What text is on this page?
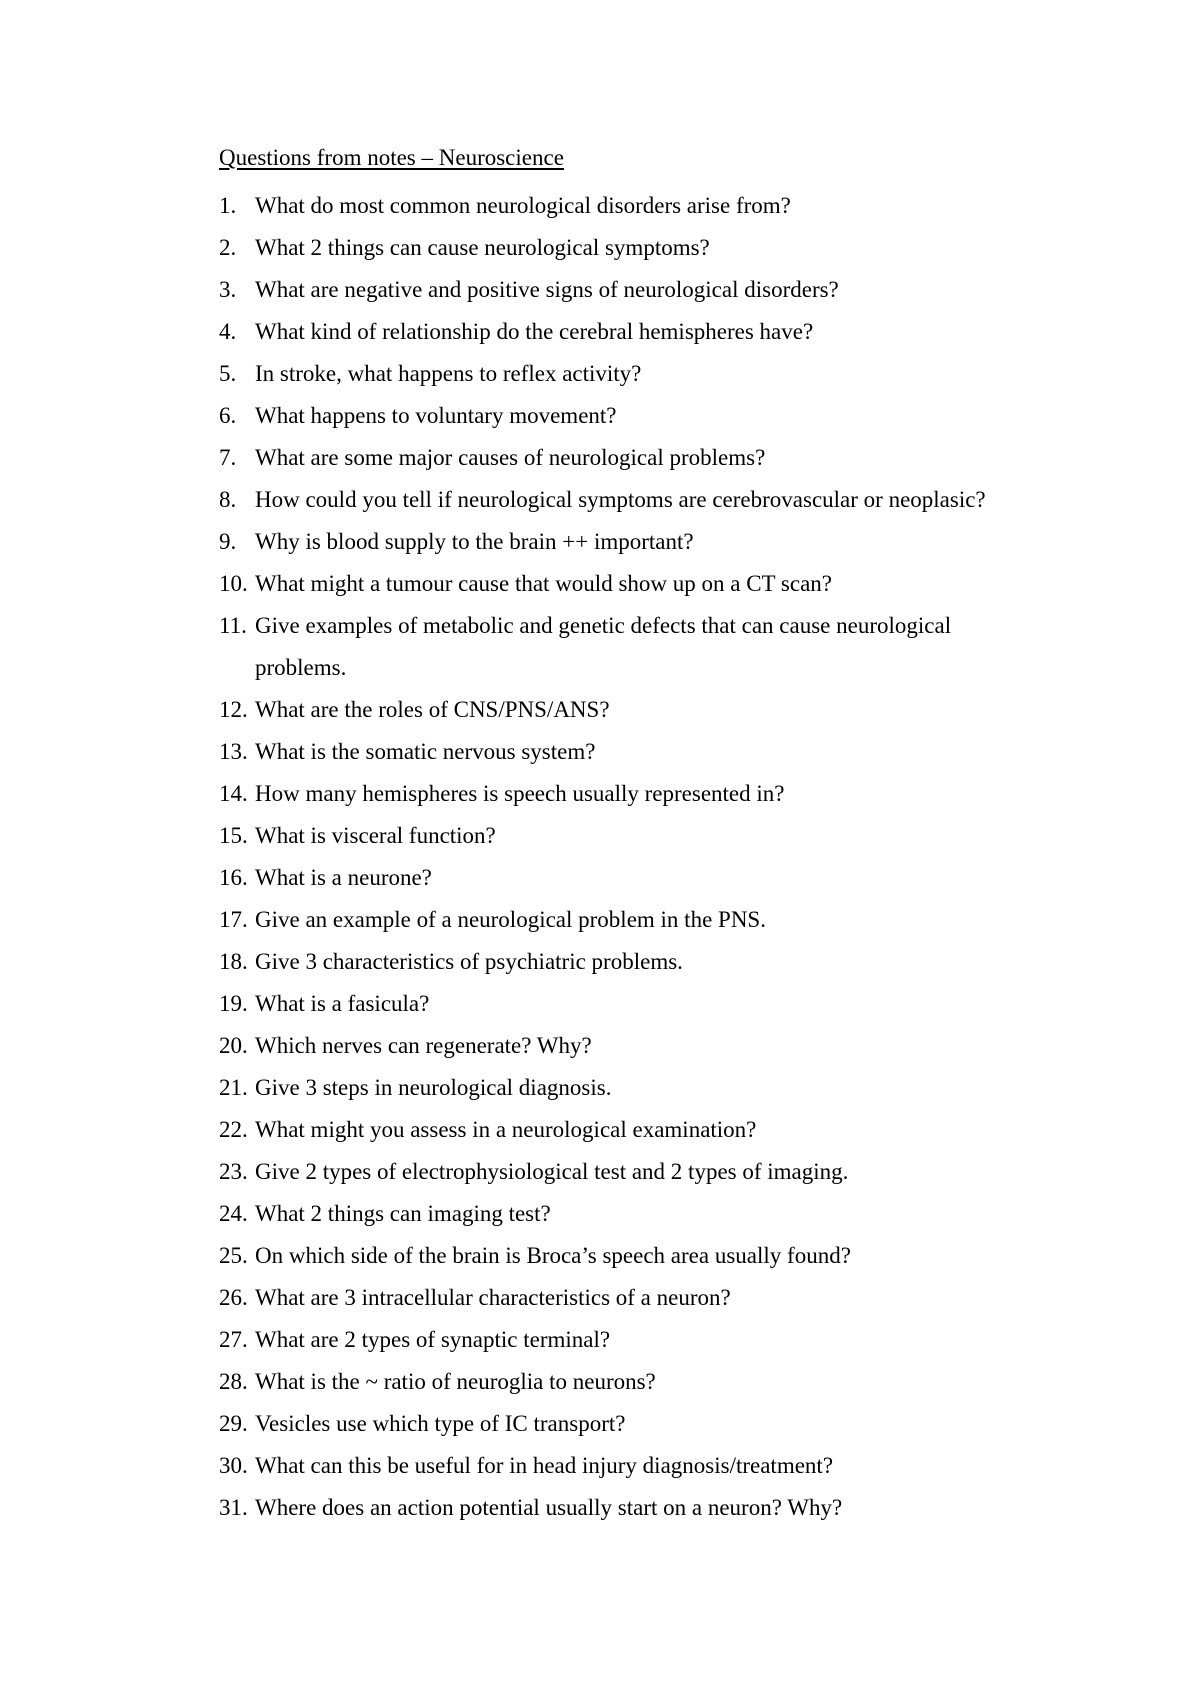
Questions from notes – Neuroscience
1. What do most common neurological disorders arise from?
2. What 2 things can cause neurological symptoms?
3. What are negative and positive signs of neurological disorders?
4. What kind of relationship do the cerebral hemispheres have?
5. In stroke, what happens to reflex activity?
6. What happens to voluntary movement?
7. What are some major causes of neurological problems?
8. How could you tell if neurological symptoms are cerebrovascular or neoplasic?
9. Why is blood supply to the brain ++ important?
10. What might a tumour cause that would show up on a CT scan?
11. Give examples of metabolic and genetic defects that can cause neurological problems.
12. What are the roles of CNS/PNS/ANS?
13. What is the somatic nervous system?
14. How many hemispheres is speech usually represented in?
15. What is visceral function?
16. What is a neurone?
17. Give an example of a neurological problem in the PNS.
18. Give 3 characteristics of psychiatric problems.
19. What is a fasicula?
20. Which nerves can regenerate? Why?
21. Give 3 steps in neurological diagnosis.
22. What might you assess in a neurological examination?
23. Give 2 types of electrophysiological test and 2 types of imaging.
24. What 2 things can imaging test?
25. On which side of the brain is Broca’s speech area usually found?
26. What are 3 intracellular characteristics of a neuron?
27. What are 2 types of synaptic terminal?
28. What is the ~ ratio of neuroglia to neurons?
29. Vesicles use which type of IC transport?
30. What can this be useful for in head injury diagnosis/treatment?
31. Where does an action potential usually start on a neuron? Why?
